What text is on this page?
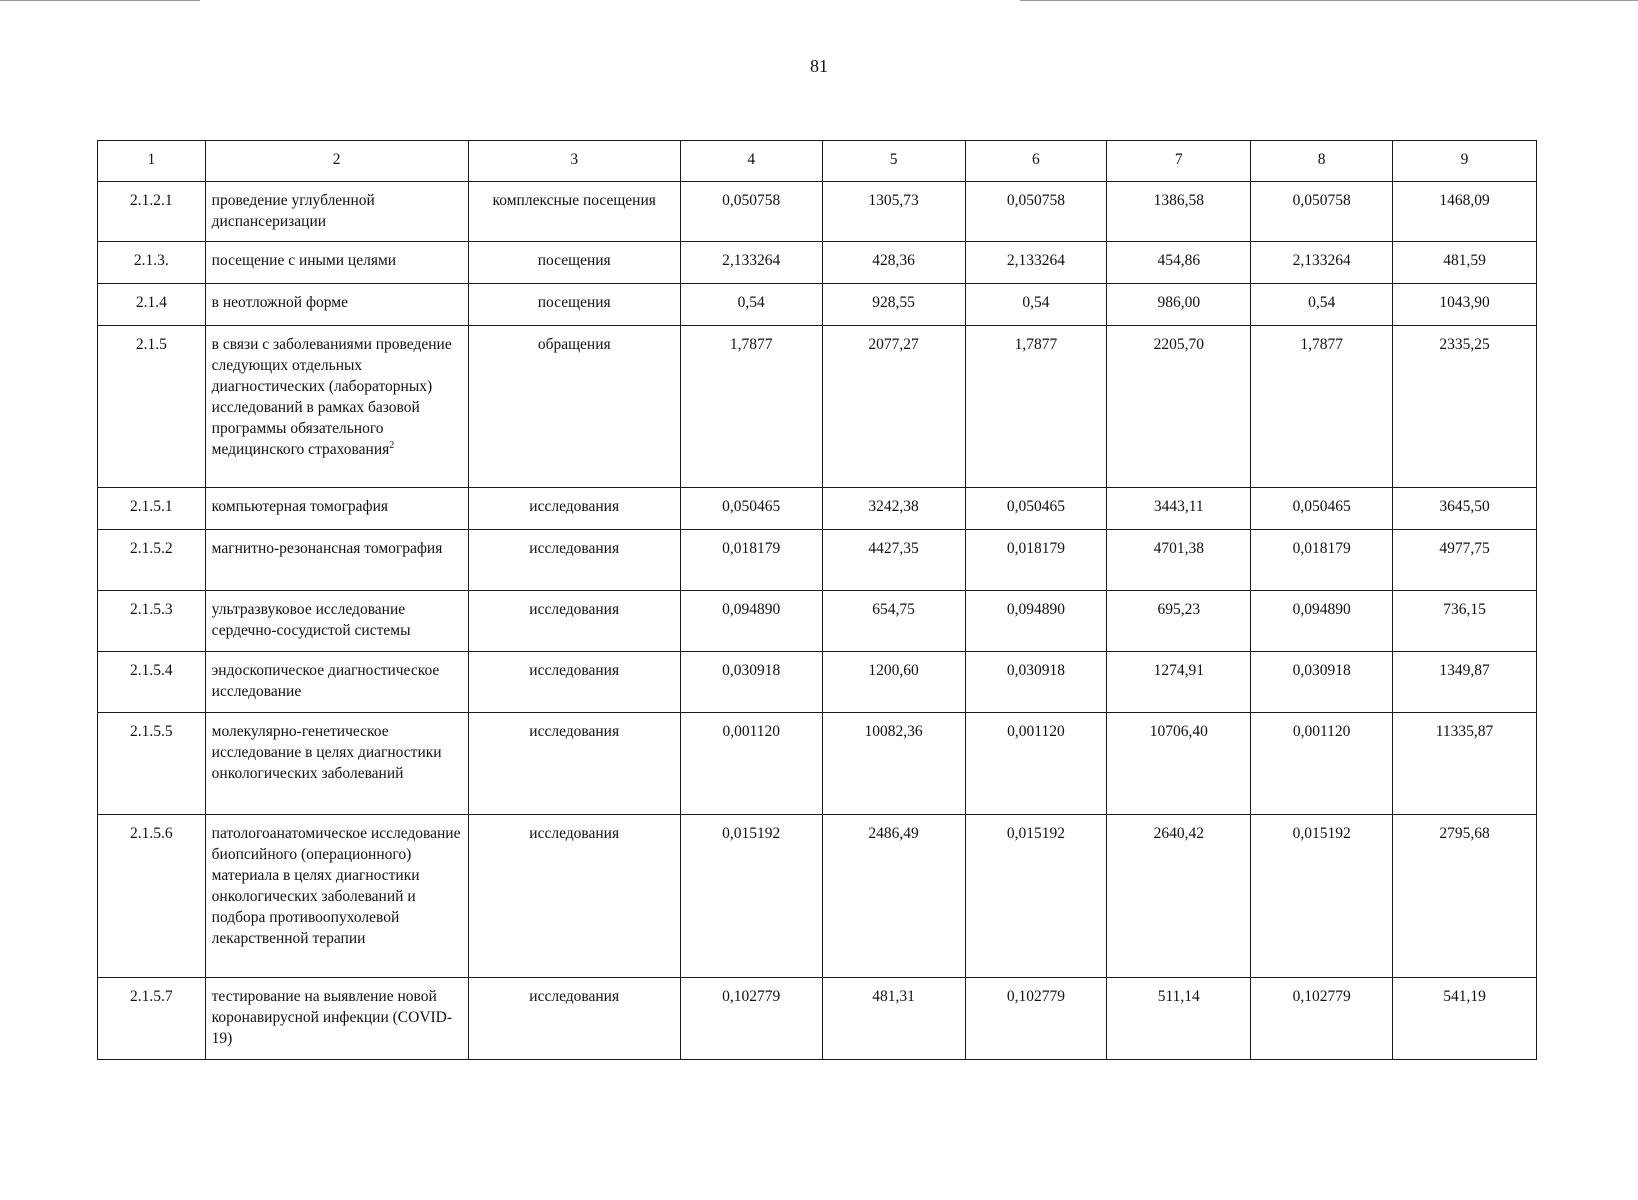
81
1	2	3	4	5	6	7	8	9
2.1.2.1	проведение углубленной диспансеризации	комплексные посещения	0,050758	1305,73	0,050758	1386,58	0,050758	1468,09
2.1.3.	посещение с иными целями	посещения	2,133264	428,36	2,133264	454,86	2,133264	481,59
2.1.4	в неотложной форме	посещения	0,54	928,55	0,54	986,00	0,54	1043,90
2.1.5	в связи с заболеваниями проведение следующих отдельных диагностических (лабораторных) исследований в рамках базовой программы обязательного медицинского страхования$^2$	обращения	1,7877	2077,27	1,7877	2205,70	1,7877	2335,25
2.1.5.1	компьютерная томография	исследования	0,050465	3242,38	0,050465	3443,11	0,050465	3645,50
2.1.5.2	магнитно-резонансная томография	исследования	0,018179	4427,35	0,018179	4701,38	0,018179	4977,75
2.1.5.3	ультразвуковое исследование сердечно-сосудистой системы	исследования	0,094890	654,75	0,094890	695,23	0,094890	736,15
2.1.5.4	эндоскопическое диагностическое исследование	исследования	0,030918	1200,60	0,030918	1274,91	0,030918	1349,87
2.1.5.5	молекулярно-генетическое исследование в целях диагностики онкологических заболеваний	исследования	0,001120	10082,36	0,001120	10706,40	0,001120	11335,87
2.1.5.6	патологоанатомическое исследование биопсийного (операционного) материала в целях диагностики онкологических заболеваний и подбора противоопухолевой лекарственной терапии	исследования	0,015192	2486,49	0,015192	2640,42	0,015192	2795,68
2.1.5.7	тестирование на выявление новой коронавирусной инфекции (COVID-19)	исследования	0,102779	481,31	0,102779	511,14	0,102779	541,19
